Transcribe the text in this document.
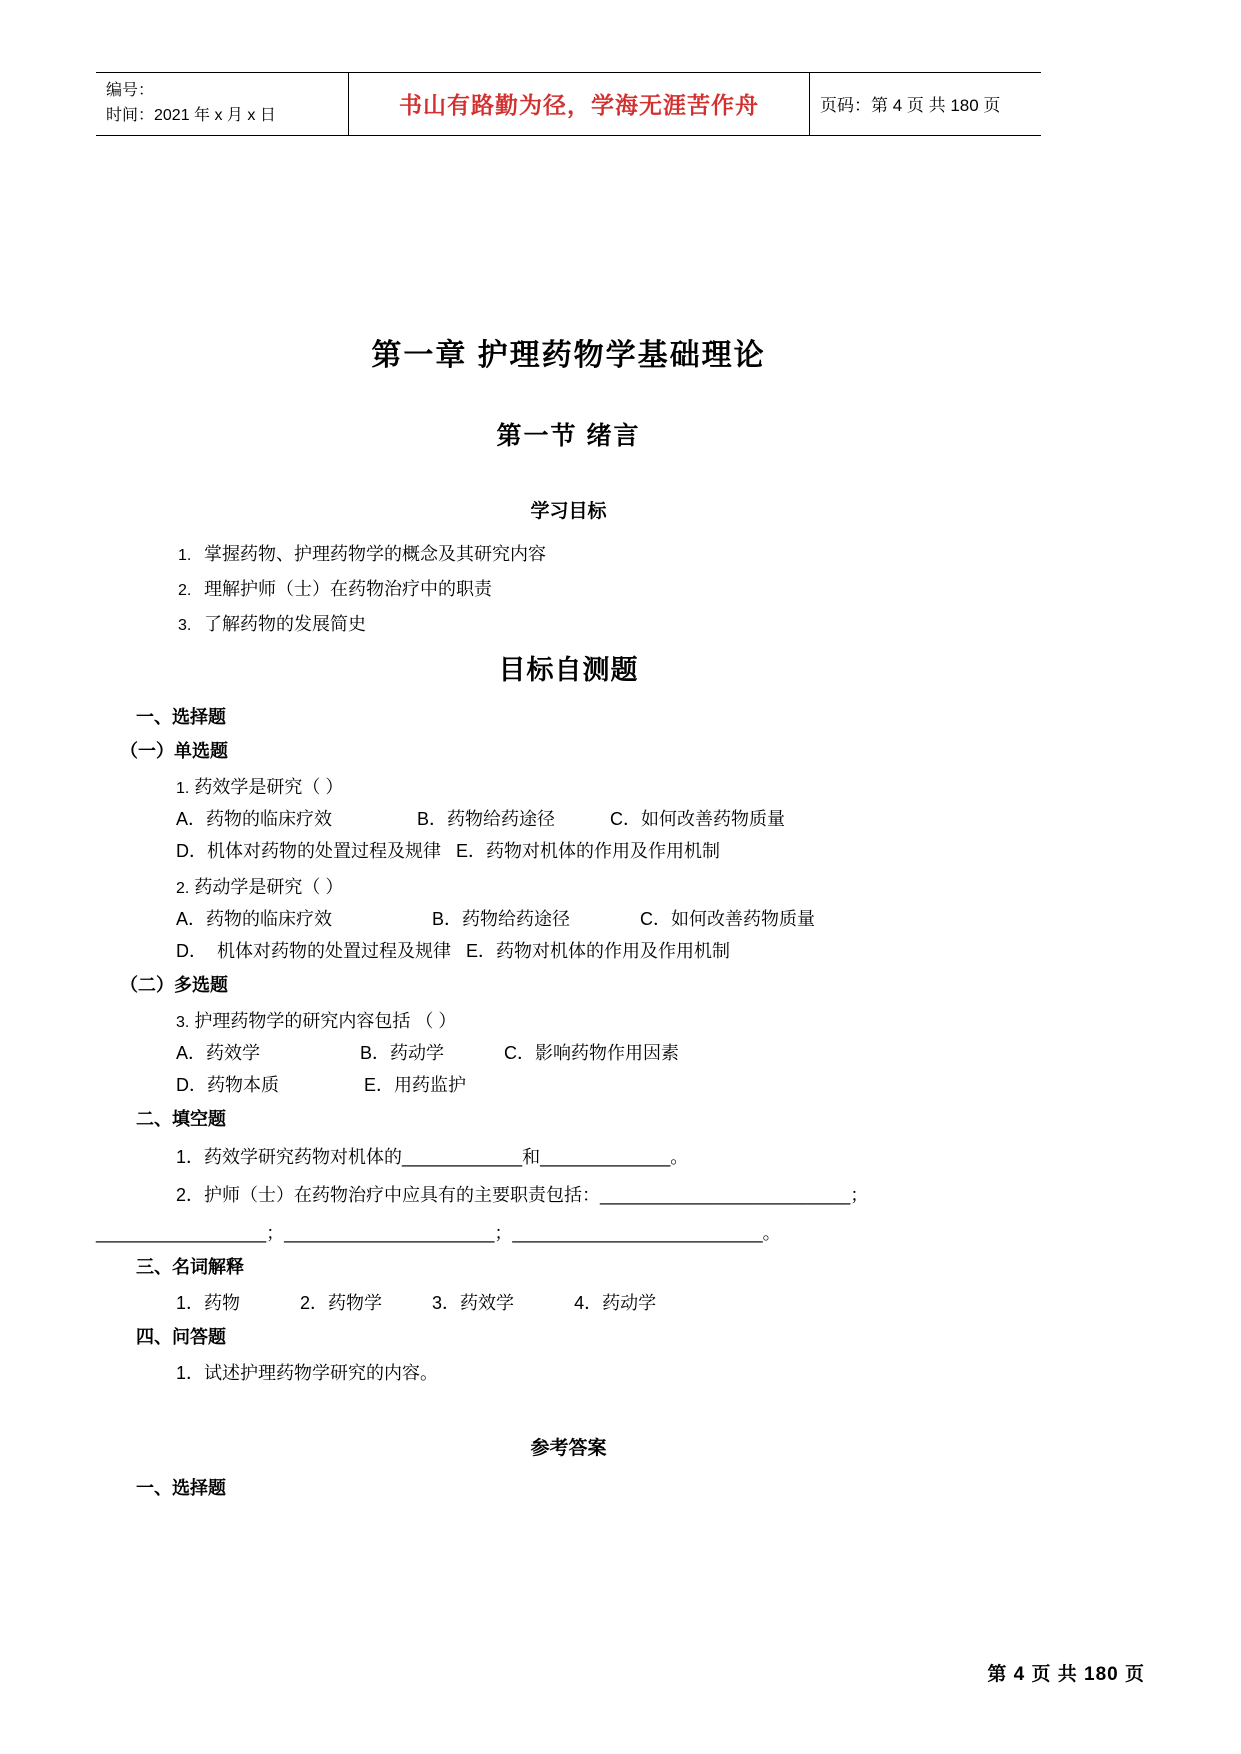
编号：
时间：2021 年 x 月 x 日	书山有路勤为径，学海无涯苦作舟	页码：第 4 页 共 180 页
第一章 护理药物学基础理论
第一节 绪言
学习目标
1. 掌握药物、护理药物学的概念及其研究内容
2. 理解护师（士）在药物治疗中的职责
3. 了解药物的发展简史
目标自测题
一、选择题
（一）单选题
1. 药效学是研究（ ）
A．药物的临床疗效                 B．药物给药途径           C．如何改善药物质量
D．机体对药物的处置过程及规律   E．药物对机体的作用及作用机制
2. 药动学是研究（ ）
A．药物的临床疗效                    B．药物给药途径              C．如何改善药物质量
D．  机体对药物的处置过程及规律   E．药物对机体的作用及作用机制
（二）多选题
3. 护理药物学的研究内容包括 （ ）
A．药效学                    B．药动学            C．影响药物作用因素
D．药物本质                 E．用药监护
二、填空题
1．药效学研究药物对机体的____________和_____________。
2．护师（士）在药物治疗中应具有的主要职责包括：_________________________；
_________________；_____________________；_________________________。
三、名词解释
1．药物            2．药物学          3．药效学            4．药动学
四、问答题
1．试述护理药物学研究的内容。
参考答案
一、选择题
第 4 页 共 180 页
